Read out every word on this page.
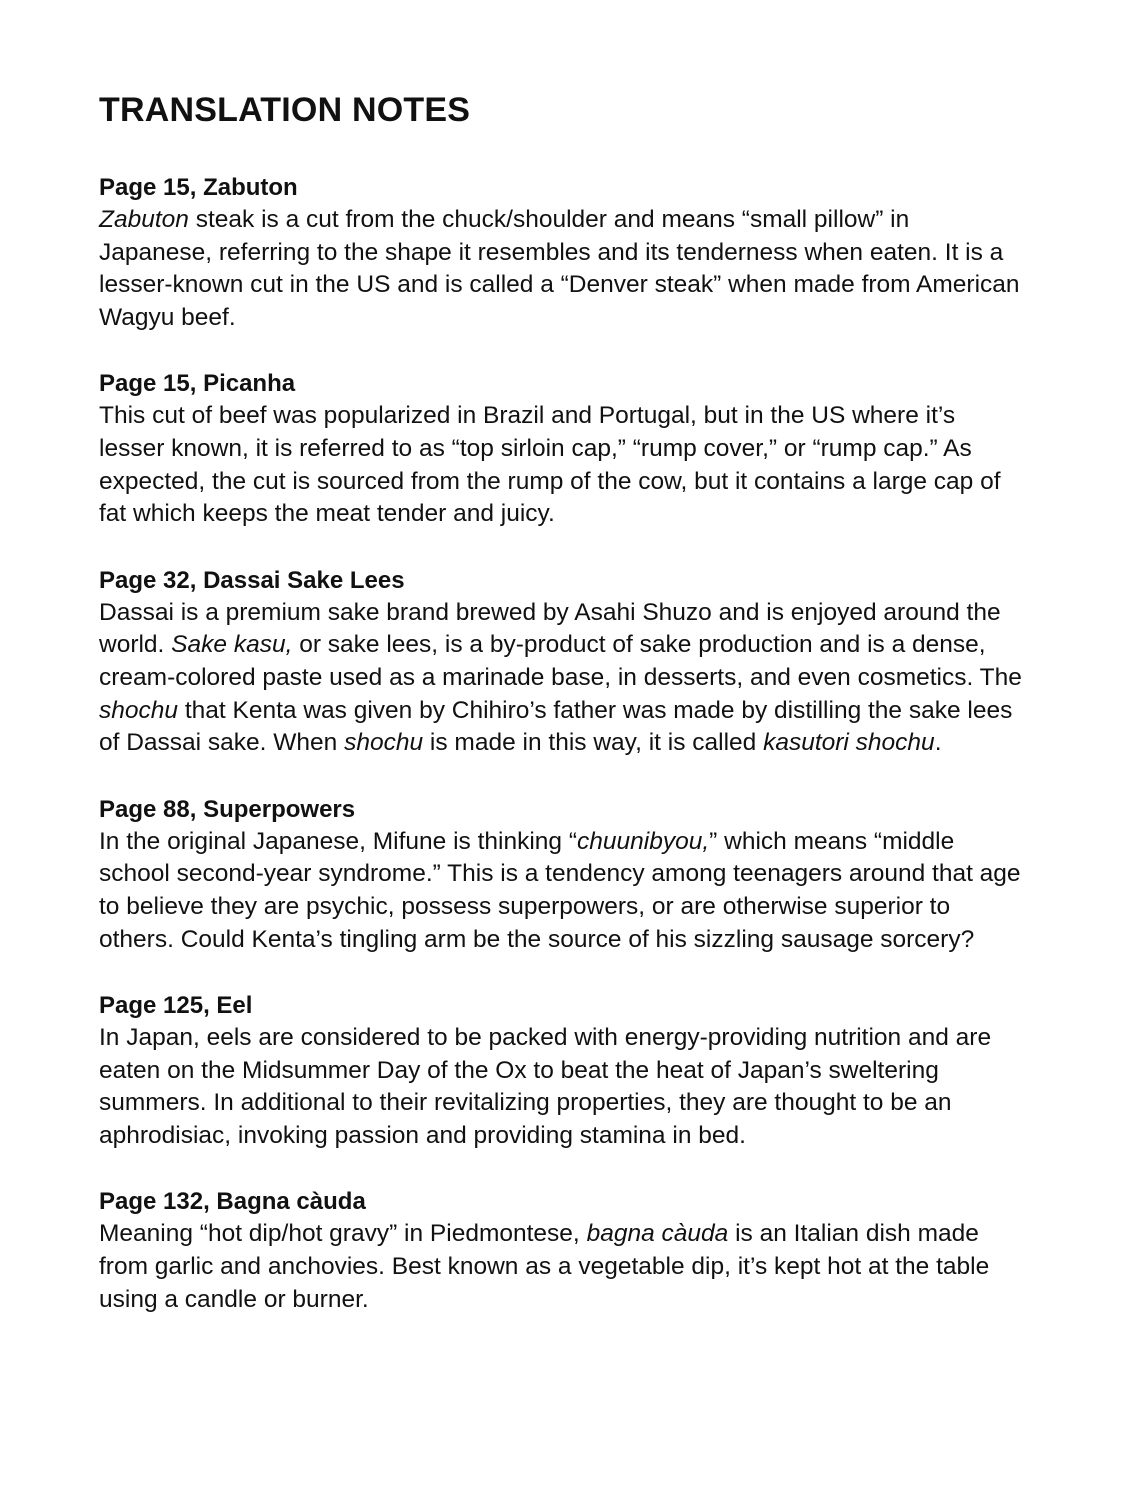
TRANSLATION NOTES
Page 15, Zabuton

Zabuton steak is a cut from the chuck/shoulder and means “small pillow” in Japanese, referring to the shape it resembles and its tenderness when eaten. It is a lesser-known cut in the US and is called a “Denver steak” when made from American Wagyu beef.

Page 15, Picanha

This cut of beef was popularized in Brazil and Portugal, but in the US where it’s lesser known, it is referred to as “top sirloin cap,” “rump cover,” or “rump cap.” As expected, the cut is sourced from the rump of the cow, but it contains a large cap of fat which keeps the meat tender and juicy.

Page 32, Dassai Sake Lees

Dassai is a premium sake brand brewed by Asahi Shuzo and is enjoyed around the world. Sake kasu, or sake lees, is a by-product of sake production and is a dense, cream-colored paste used as a marinade base, in desserts, and even cosmetics. The shochu that Kenta was given by Chihiro’s father was made by distilling the sake lees of Dassai sake. When shochu is made in this way, it is called kasutori shochu.

Page 88, Superpowers

In the original Japanese, Mifune is thinking “chuunibyou,” which means “middle school second-year syndrome.” This is a tendency among teenagers around that age to believe they are psychic, possess superpowers, or are otherwise superior to others. Could Kenta’s tingling arm be the source of his sizzling sausage sorcery?

Page 125, Eel

In Japan, eels are considered to be packed with energy-providing nutrition and are eaten on the Midsummer Day of the Ox to beat the heat of Japan’s sweltering summers. In additional to their revitalizing properties, they are thought to be an aphrodisiac, invoking passion and providing stamina in bed.

Page 132, Bagna càuda

Meaning “hot dip/hot gravy” in Piedmontese, bagna càuda is an Italian dish made from garlic and anchovies. Best known as a vegetable dip, it’s kept hot at the table using a candle or burner.
